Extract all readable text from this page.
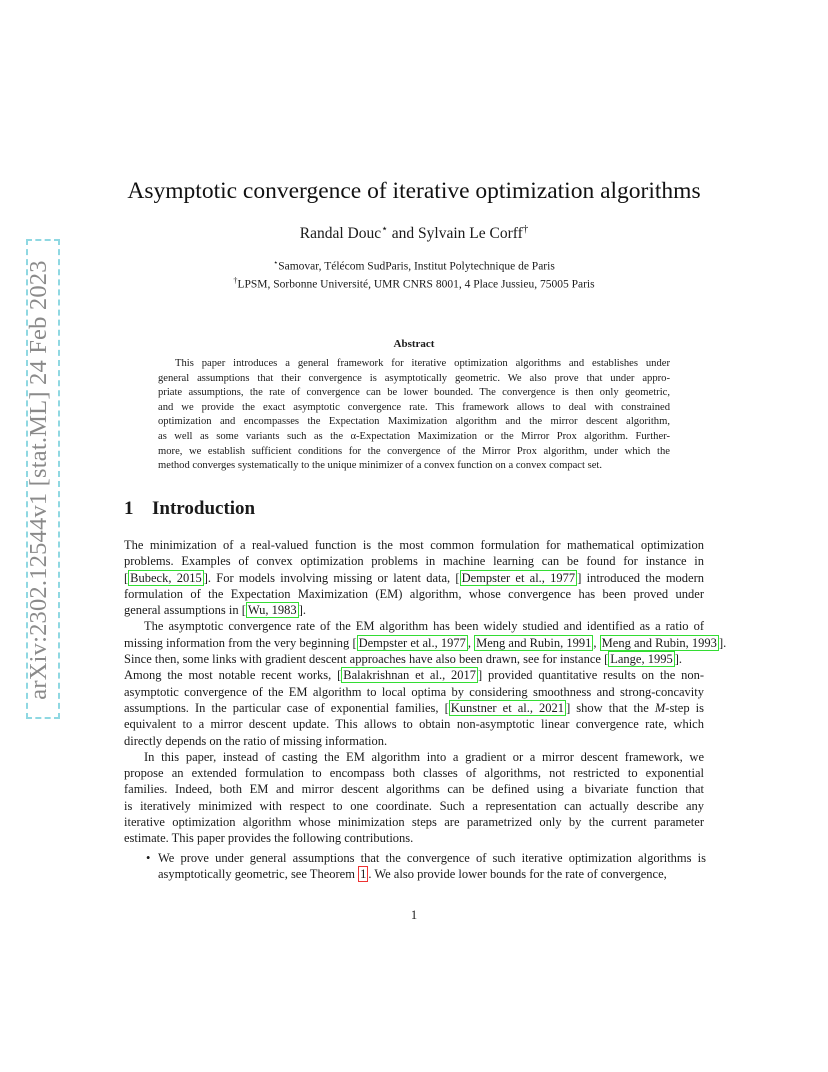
arXiv:2302.12544v1 [stat.ML] 24 Feb 2023
Asymptotic convergence of iterative optimization algorithms
Randal Douc⋆ and Sylvain Le Corff†
⋆Samovar, Télécom SudParis, Institut Polytechnique de Paris
†LPSM, Sorbonne Université, UMR CNRS 8001, 4 Place Jussieu, 75005 Paris
Abstract
This paper introduces a general framework for iterative optimization algorithms and establishes under
general assumptions that their convergence is asymptotically geometric. We also prove that under appro-
priate assumptions, the rate of convergence can be lower bounded. The convergence is then only geometric,
and we provide the exact asymptotic convergence rate. This framework allows to deal with constrained
optimization and encompasses the Expectation Maximization algorithm and the mirror descent algorithm,
as well as some variants such as the α-Expectation Maximization or the Mirror Prox algorithm. Further-
more, we establish sufficient conditions for the convergence of the Mirror Prox algorithm, under which the
method converges systematically to the unique minimizer of a convex function on a convex compact set.
1 Introduction
The minimization of a real-valued function is the most common formulation for mathematical optimization
problems. Examples of convex optimization problems in machine learning can be found for instance in
[ Bubeck, 2015 ]. For models involving missing or latent data, [ Dempster et al., 1977 ] introduced the modern
formulation of the Expectation Maximization (EM) algorithm, whose convergence has been proved under
general assumptions in [ Wu, 1983 ].
The asymptotic convergence rate of the EM algorithm has been widely studied and identified as a ratio of
missing information from the very beginning [ Dempster et al., 1977 , Meng and Rubin, 1991 , Meng and Rubin, 1993 ].
Since then, some links with gradient descent approaches have also been drawn, see for instance [ Lange, 1995 ].
Among the most notable recent works, [ Balakrishnan et al., 2017 ] provided quantitative results on the non-
asymptotic convergence of the EM algorithm to local optima by considering smoothness and strong-concavity
assumptions. In the particular case of exponential families, [ Kunstner et al., 2021 ] show that the M-step is
equivalent to a mirror descent update. This allows to obtain non-asymptotic linear convergence rate, which
directly depends on the ratio of missing information.
In this paper, instead of casting the EM algorithm into a gradient or a mirror descent framework, we
propose an extended formulation to encompass both classes of algorithms, not restricted to exponential
families. Indeed, both EM and mirror descent algorithms can be defined using a bivariate function that
is iteratively minimized with respect to one coordinate. Such a representation can actually describe any
iterative optimization algorithm whose minimization steps are parametrized only by the current parameter
estimate. This paper provides the following contributions.
• We prove under general assumptions that the convergence of such iterative optimization algorithms is
asymptotically geometric, see Theorem 1 . We also provide lower bounds for the rate of convergence,
1
